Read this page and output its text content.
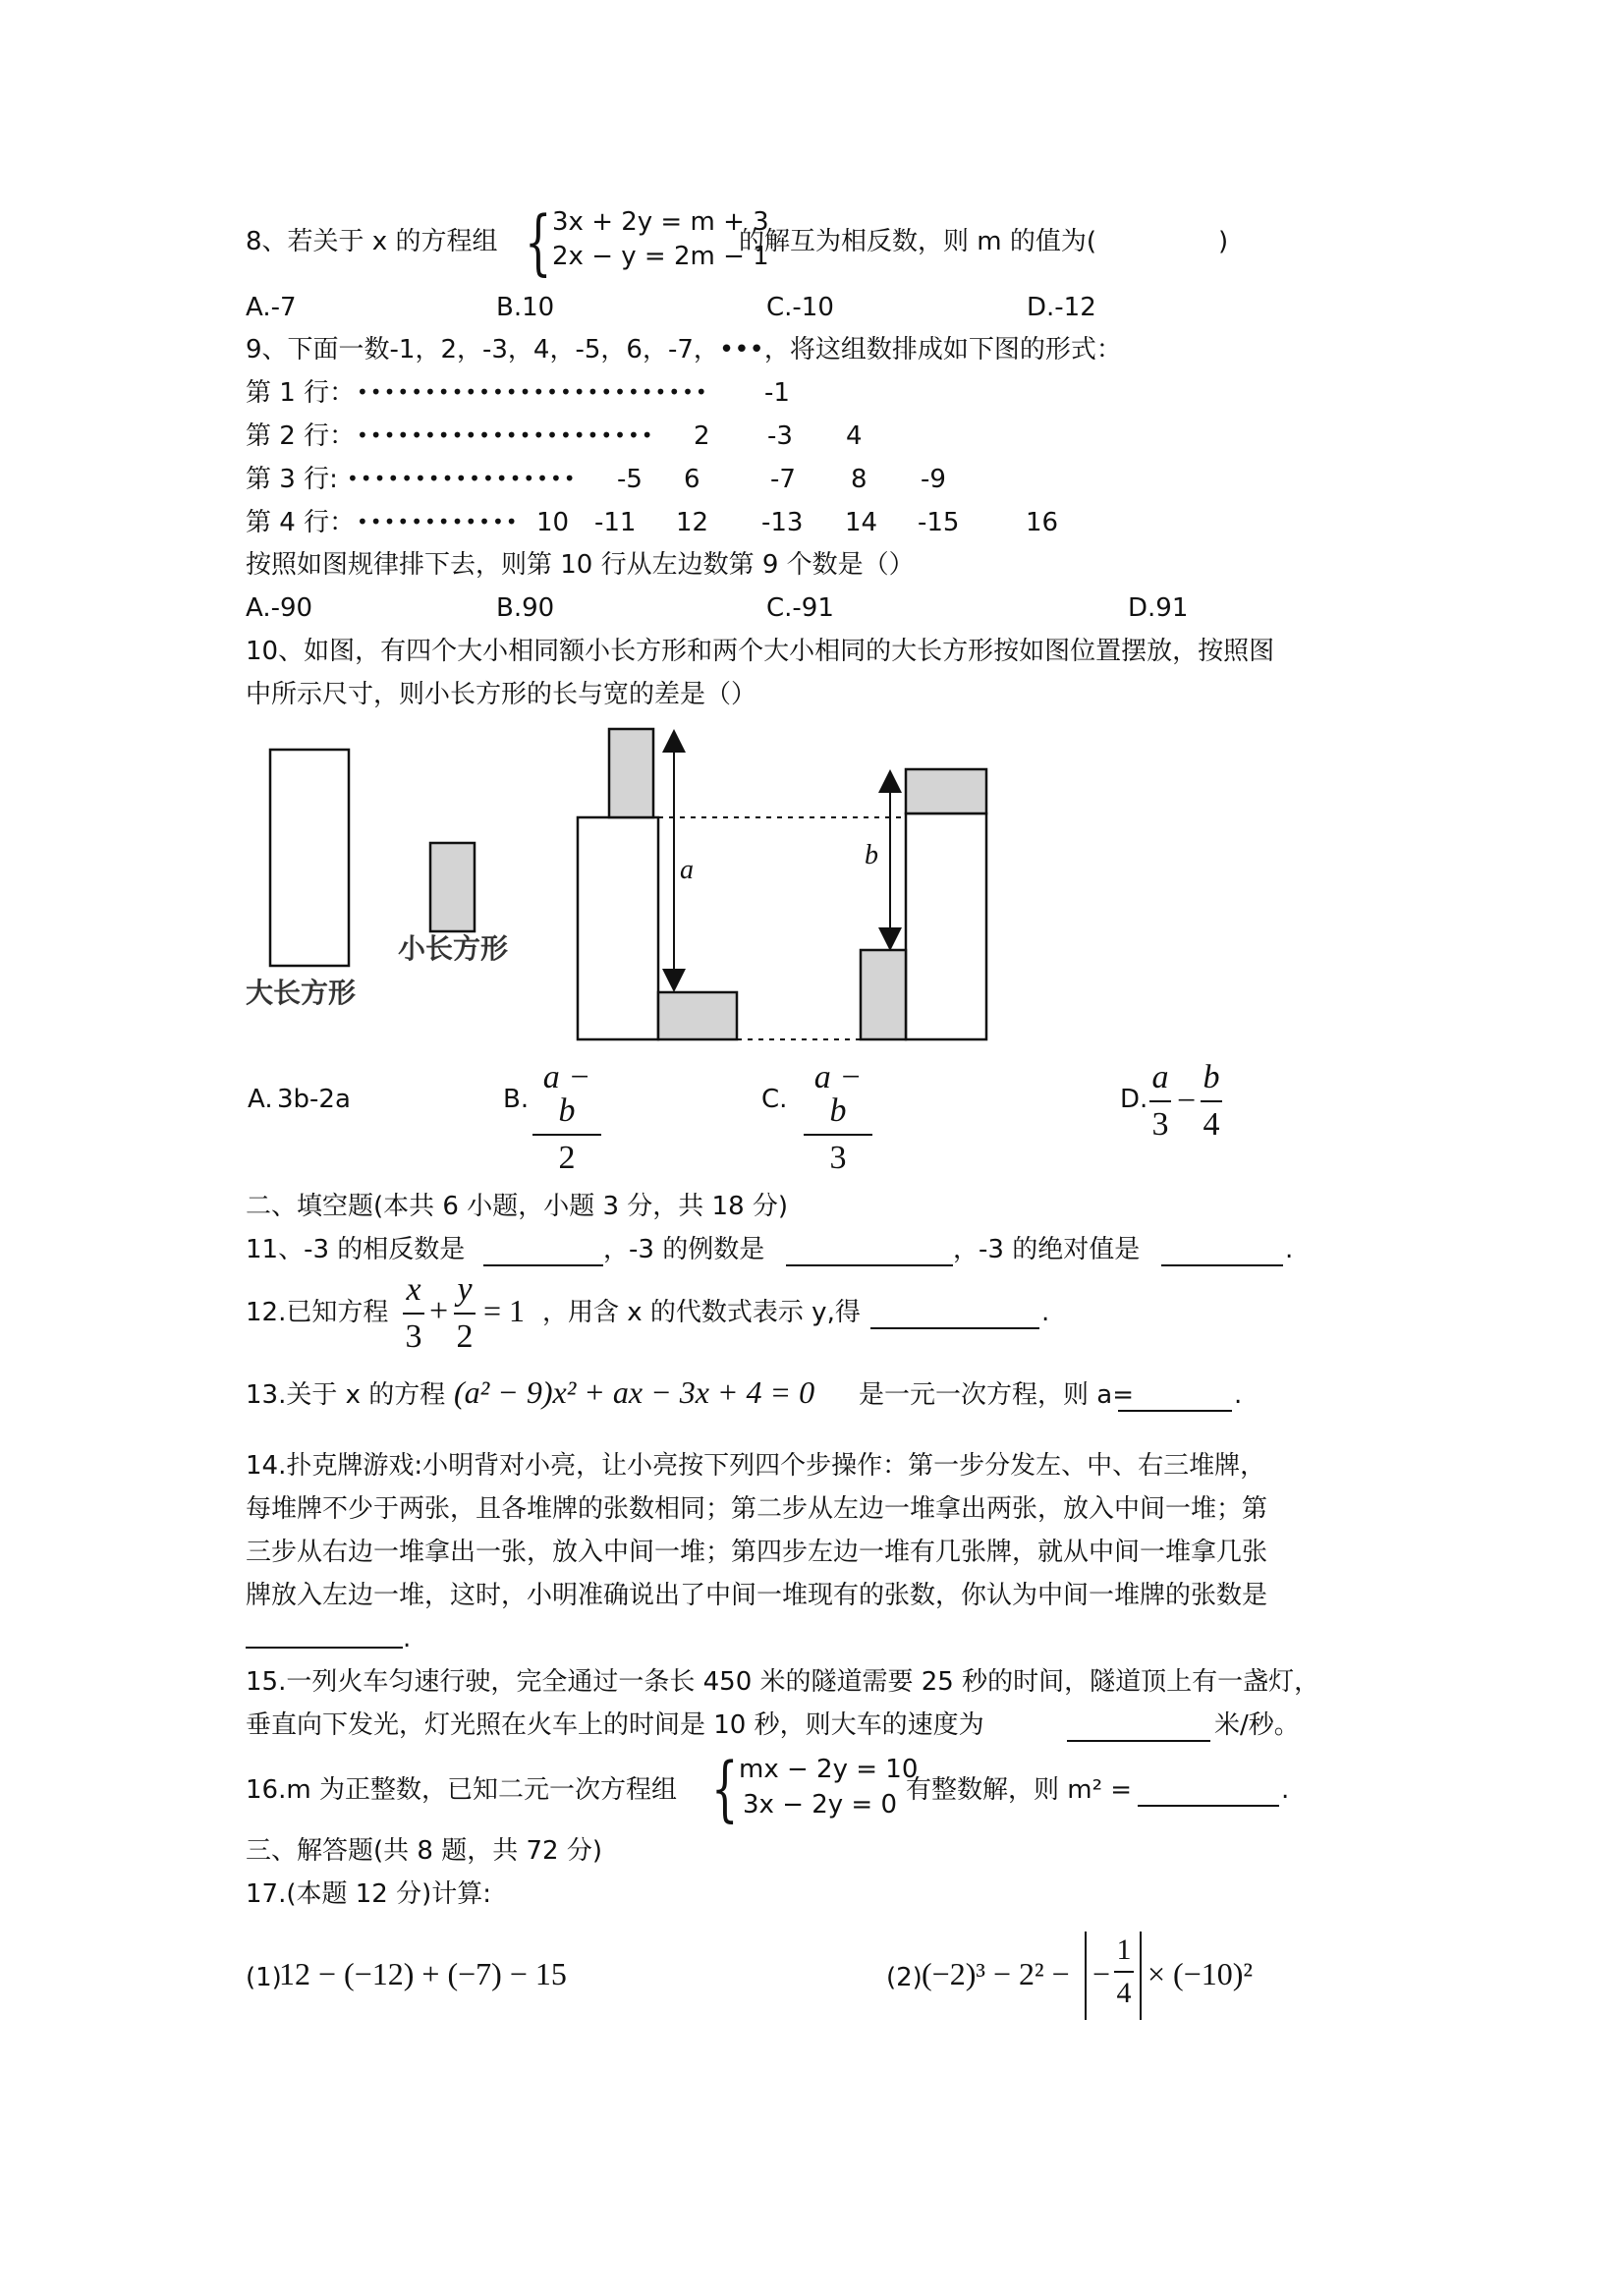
8、若关于 x 的方程组 { 3x + 2y = m + 3
2x − y = 2m − 1
的解互为相反数，则 m 的值为(	)
A.-7	B.10	C.-10	D.-12
9、下面一数-1，2，-3，4，-5，6，-7，•••，将这组数排成如下图的形式：
第 1 行： •••••••••••••••••••••••••• -1
第 2 行： •••••••••••••••••••••• 2 -3 4
第 3 行: ••••••••••••••••• -5 6	-7 8 -9
第 4 行： •••••••••••• 10 -11 12 -13 14 -15	16
按照如图规律排下去，则第 10 行从左边数第 9 个数是（）
A.-90	B.90	C.-91	D.91
10、如图，有四个大小相同额小长方形和两个大小相同的大长方形按如图位置摆放，按照图
中所示尺寸，则小长方形的长与宽的差是（）
大长方形
小长方形
a	b
A. 3b-2a	B.
a − b
2
C.
a − b
3
D.
a
3
−
b
4
二、填空题(本共 6 小题，小题 3 分，共 18 分)
11、-3 的相反数是	，-3 的例数是	，-3 的绝对值是	.
12.已知方程
x
3
+
y
2
= 1 ，用含 x 的代数式表示 y,得	.
13.关于 x 的方程 (a² − 9)x² + ax − 3x + 4 = 0 是一元一次方程，则 a=	.
14.扑克牌游戏:小明背对小亮，让小亮按下列四个步操作：第一步分发左、中、右三堆牌，
每堆牌不少于两张，且各堆牌的张数相同；第二步从左边一堆拿出两张，放入中间一堆；第
三步从右边一堆拿出一张，放入中间一堆；第四步左边一堆有几张牌，就从中间一堆拿几张
牌放入左边一堆，这时，小明准确说出了中间一堆现有的张数，你认为中间一堆牌的张数是
.
15.一列火车匀速行驶，完全通过一条长 450 米的隧道需要 25 秒的时间，隧道顶上有一盏灯，
垂直向下发光，灯光照在火车上的时间是 10 秒，则大车的速度为	米/秒。
16.m 为正整数，已知二元一次方程组 { mx − 2y = 10
3x − 2y = 0 有整数解，则 m² =	.
三、解答题(共 8 题，共 72 分)
17.(本题 12 分)计算:
(1)
12 − (−12) + (−7) − 15	(2) (−2)³ − 2² − −
1
4
× (−10)²
